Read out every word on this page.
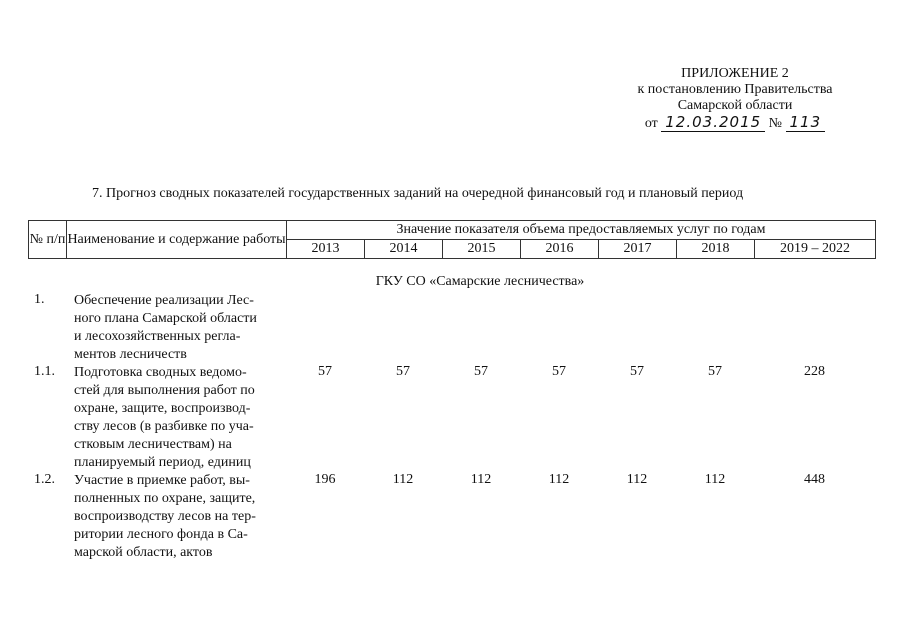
ПРИЛОЖЕНИЕ 2
к постановлению Правительства
Самарской области
от 12.03.2015 № 113
7. Прогноз сводных показателей государственных заданий на очередной финансовый год и плановый период
№ п/п	Наименование и содержание работы	Значение показателя объема предоставляемых услуг по годам						
		2013	2014	2015	2016	2017	2018	2019 – 2022
ГКУ СО «Самарские лесничества»
1.	Обеспечение реализации Лес-
ного плана Самарской области
и лесохозяйственных регла-
ментов лесничеств
1.1.	Подготовка сводных ведомо-
стей для выполнения работ по
охране, защите, воспроизвод-
ству лесов (в разбивке по уча-
стковым лесничествам) на
планируемый период, единиц
57	57	57	57	57	57	228
1.2.	Участие в приемке работ, вы-
полненных по охране, защите,
воспроизводству лесов на тер-
ритории лесного фонда в Са-
марской области, актов
196	112	112	112	112	112	448
